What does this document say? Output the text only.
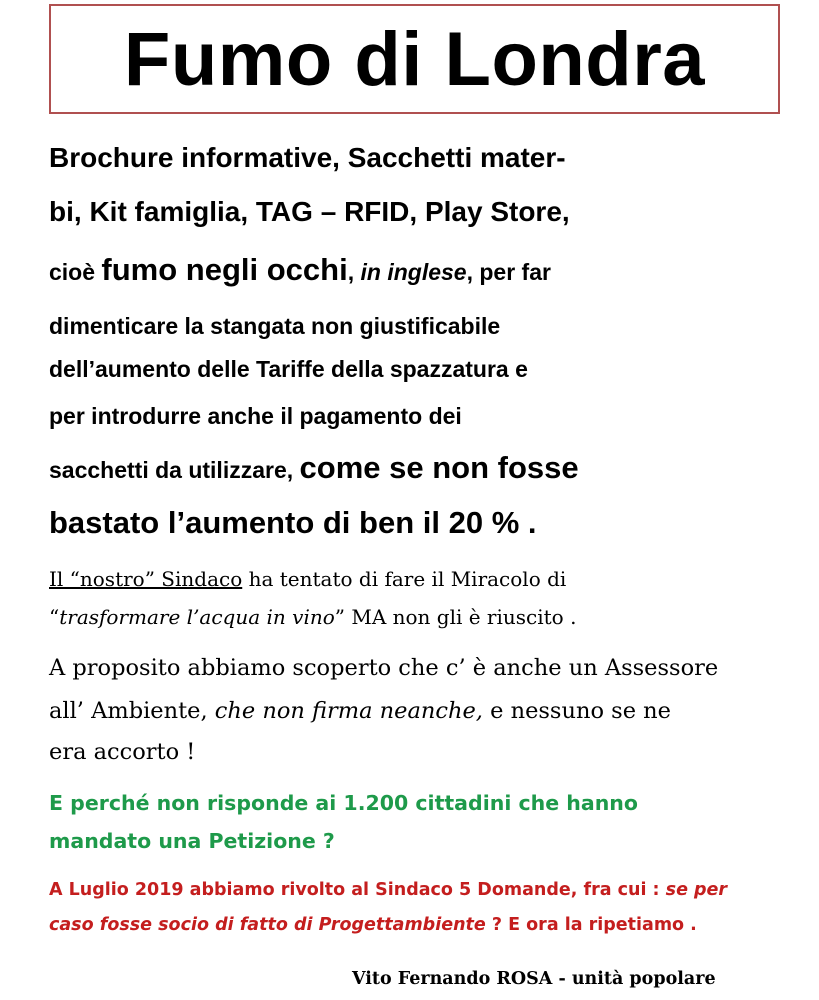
Fumo di Londra
Brochure informative, Sacchetti mater-
bi, Kit famiglia, TAG – RFID, Play Store,
cioè fumo negli occhi, in inglese, per far
dimenticare la stangata non giustificabile
dell’aumento delle Tariffe della spazzatura e
per introdurre anche il pagamento dei
sacchetti da utilizzare, come se non fosse
bastato l’aumento di ben il 20 % .
Il “nostro” Sindaco ha tentato di fare il Miracolo di
“trasformare l’acqua in vino” MA non gli è riuscito .
A proposito abbiamo scoperto che c’ è anche un Assessore
all’ Ambiente, che non firma neanche, e nessuno se ne
era accorto !
E perché non risponde ai 1.200 cittadini che hanno
mandato una Petizione ?
A Luglio 2019 abbiamo rivolto al Sindaco 5 Domande, fra cui : se per
caso fosse socio di fatto di Progettambiente ? E ora la ripetiamo .
Vito Fernando ROSA - unità popolare
